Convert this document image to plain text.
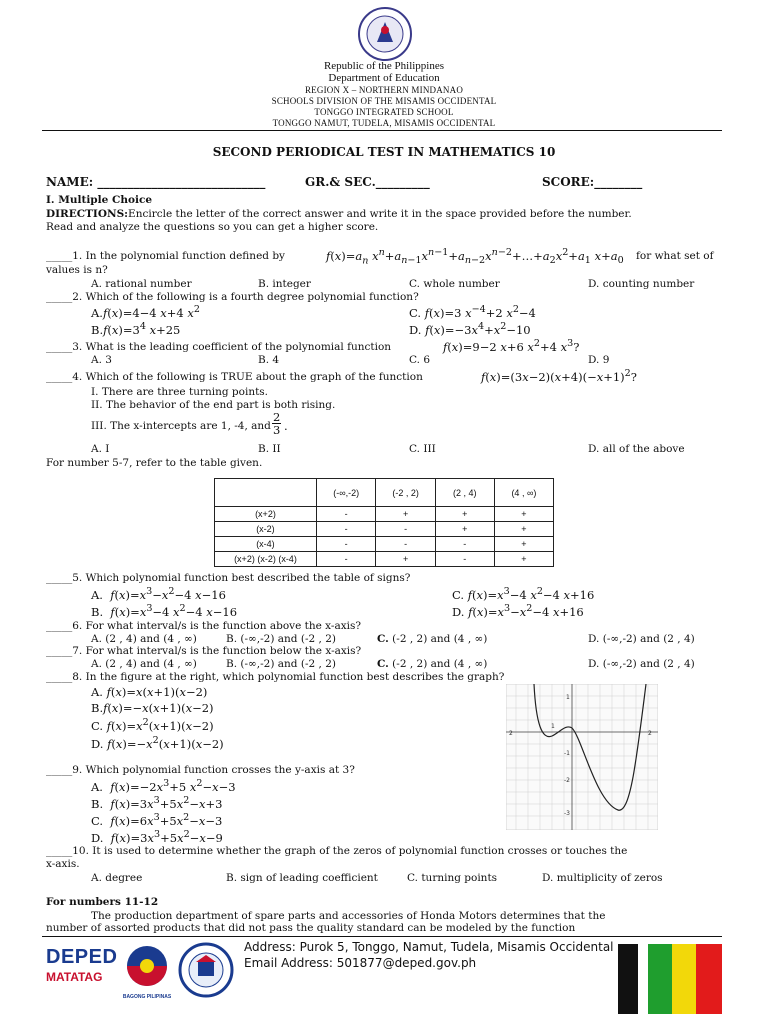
Republic of the Philippines
Department of Education
REGION X – NORTHERN MINDANAO
SCHOOLS DIVISION OF THE MISAMIS OCCIDENTAL
TONGGO INTEGRATED SCHOOL
TONGGO NAMUT, TUDELA, MISAMIS OCCIDENTAL
SECOND PERIODICAL TEST IN MATHEMATICS 10
NAME: ____________________________	GR.& SEC._________	SCORE:________
I. Multiple Choice
DIRECTIONS:Encircle the letter of the correct answer and write it in the space provided before the number.
Read and analyze the questions so you can get a higher score.
_____1. In the polynomial function defined by	$f(x)=a_n$ $x^n+a_{n-1}x^{n-1}+a_{n-2}x^{n-2}+\dots+a_2x^2+a_1$ $x+a_0$ for what set of
values is n?
A. rational number	B. integer	C. whole number	D. counting number
_____2. Which of the following is a fourth degree polynomial function?
A.f(x)=4−4 x+4 $x^2$	C. f(x)=3 $x^{-4}+2$ $x^2-4$
$B.f(x)=3^4$ x+25	D. $f(x)=-3x^4+x^2-10$
_____3. What is the leading coefficient of the polynomial function	f(x)=9−2 x+6 $x^2+4$ $x^3$?
A. 3	B. 4	C. 6	D. 9
_____4. Which of the following is TRUE about the graph of the function	$f(x)=(3x-2)(x+4)(-x+1)^2$?
I. There are three turning points.
II. The behavior of the end part is both rising.
III. The x-intercepts are 1, -4, and
2
3 .
A. I	B. II	C. III	D. all of the above
For number 5-7, refer to the table given.
	(-∞,-2)	(-2 , 2)	(2 , 4)	(4 , ∞)
(x+2)	-	+	+	+
(x-2)	-	-	+	+
(x-4)	-	-	-	+
(x+2) (x-2) (x-4)	-	+	-	+
_____5. Which polynomial function best described the table of signs?
A.  $f(x)=x^3-x^2-4$ x−16	C. $f(x)=x^3-4$ $x^2-4$ x+16
B.  $f(x)=x^3-4$ $x^2-4$ x−16	D. $f(x)=x^3-x^2-4$ x+16
_____6. For what interval/s is the function above the x-axis?
A. (2 , 4) and (4 , ∞)	B. (-∞,-2) and (-2 , 2)	C. (-2 , 2) and (4 , ∞)	D. (-∞,-2) and (2 , 4)
_____7. For what interval/s is the function below the x-axis?
A. (2 , 4) and (4 , ∞)	B. (-∞,-2) and (-2 , 2)	C. (-2 , 2) and (4 , ∞)	D. (-∞,-2) and (2 , 4)
_____8. In the figure at the right, which polynomial function best describes the graph?
A. f(x)=x(x+1)(x−2)
B.f(x)=−x(x+1)(x−2)
C. $f(x)=x^2(x+1)(x-2)$
D. $f(x)=-x^2(x+1)(x-2)$
2
1
2
1
-1
-2
-3
_____9. Which polynomial function crosses the y-axis at 3?
A.  $f(x)=-2x^3+5$ $x^2-x-3$
B.  $f(x)=3x^3+5x^2-x+3$
C.  $f(x)=6x^3+5x^2-x-3$
D.  $f(x)=3x^3+5x^2-x-9$
_____10. It is used to determine whether the graph of the zeros of polynomial function crosses or touches the
x-axis.
A. degree	B. sign of leading coefficient	C. turning points	D. multiplicity of zeros
For numbers 11-12
The production department of spare parts and accessories of Honda Motors determines that the
number of assorted products that did not pass the quality standard can be modeled by the function
DEPED
MATATAG
BAGONG PILIPINAS
Address: Purok 5, Tonggo, Namut, Tudela, Misamis Occidental
Email Address: 501877@deped.gov.ph
